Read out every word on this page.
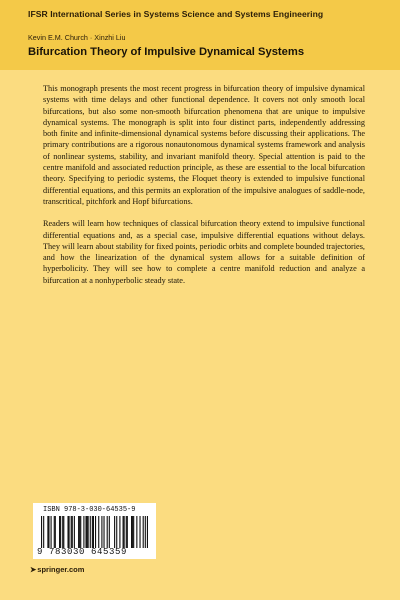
IFSR International Series in Systems Science and Systems Engineering
Kevin E.M. Church · Xinzhi Liu
Bifurcation Theory of Impulsive Dynamical Systems

This monograph presents the most recent progress in bifurcation theory of impulsive dynamical systems with time delays and other functional dependence. It covers not only smooth local bifurcations, but also some non-smooth bifurcation phenomena that are unique to impulsive dynamical systems. The monograph is split into four distinct parts, independently addressing both finite and infinite-dimensional dynamical systems before discussing their applications. The primary contributions are a rigorous nonautonomous dynamical systems framework and analysis of nonlinear systems, stability, and invariant manifold theory. Special attention is paid to the centre manifold and associated reduction principle, as these are essential to the local bifurcation theory. Specifying to periodic systems, the Floquet theory is extended to impulsive functional differential equations, and this permits an exploration of the impulsive analogues of saddle-node, transcritical, pitchfork and Hopf bifurcations.

Readers will learn how techniques of classical bifurcation theory extend to impulsive functional differential equations and, as a special case, impulsive differential equations without delays. They will learn about stability for fixed points, periodic orbits and complete bounded trajectories, and how the linearization of the dynamical system allows for a suitable definition of hyperbolicity. They will see how to complete a centre manifold reduction and analyze a bifurcation at a nonhyperbolic steady state.

ISBN 978-3-030-64535-9
9 783030 645359
➤springer.com
